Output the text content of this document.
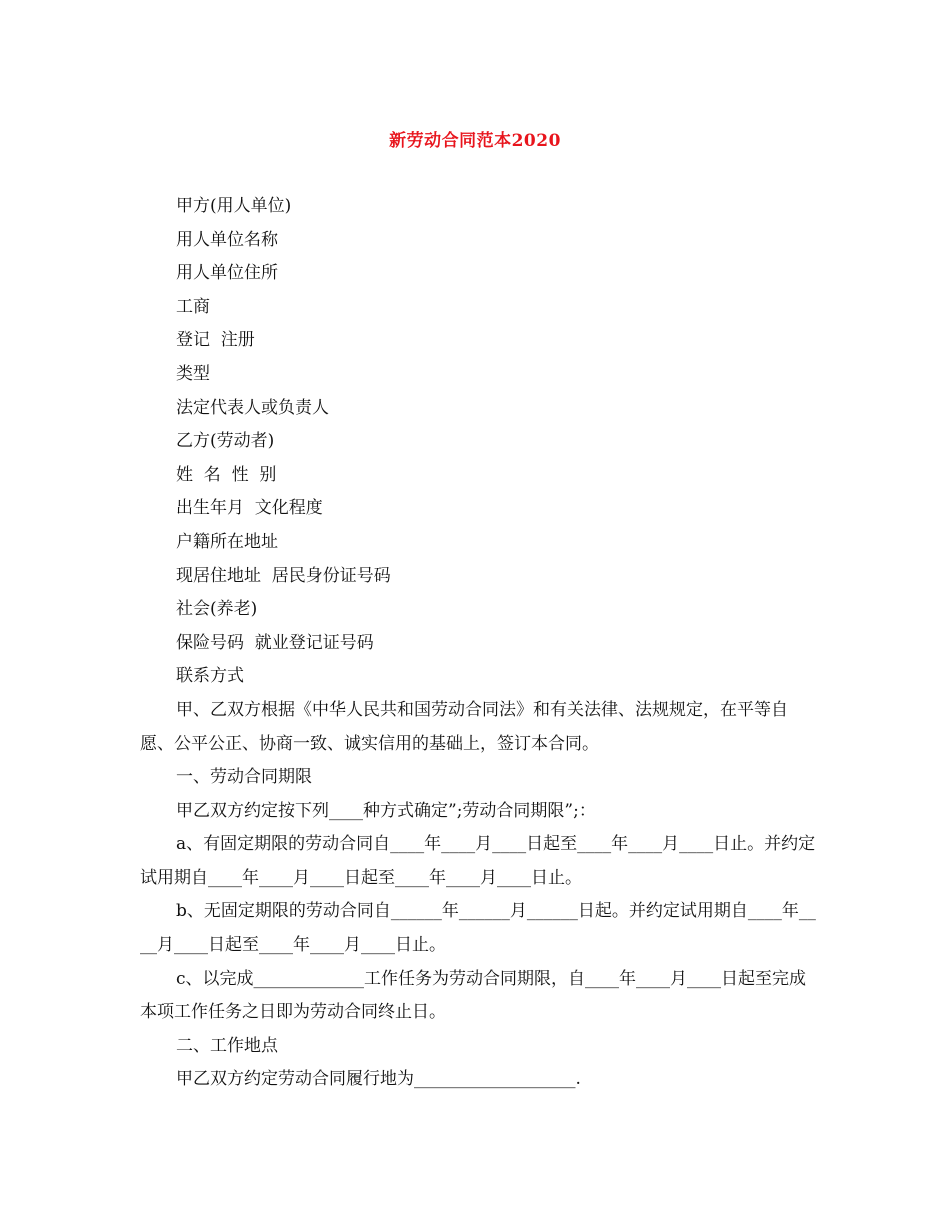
新劳动合同范本2020

甲方(用人单位)

用人单位名称

用人单位住所

工商

登记  注册

类型

法定代表人或负责人

乙方(劳动者)

姓  名  性  别

出生年月  文化程度

户籍所在地址

现居住地址  居民身份证号码

社会(养老)

保险号码  就业登记证号码

联系方式

甲、乙双方根据《中华人民共和国劳动合同法》和有关法律、法规规定，在平等自愿、公平公正、协商一致、诚实信用的基础上，签订本合同。

一、劳动合同期限

甲乙双方约定按下列____种方式确定”;劳动合同期限”;：

a、有固定期限的劳动合同自____年____月____日起至____年____月____日止。并约定试用期自____年____月____日起至____年____月____日止。

b、无固定期限的劳动合同自______年______月______日起。并约定试用期自____年____月____日起至____年____月____日止。

c、以完成_____________工作任务为劳动合同期限，自____年____月____日起至完成本项工作任务之日即为劳动合同终止日。

二、工作地点

甲乙双方约定劳动合同履行地为___________________.
